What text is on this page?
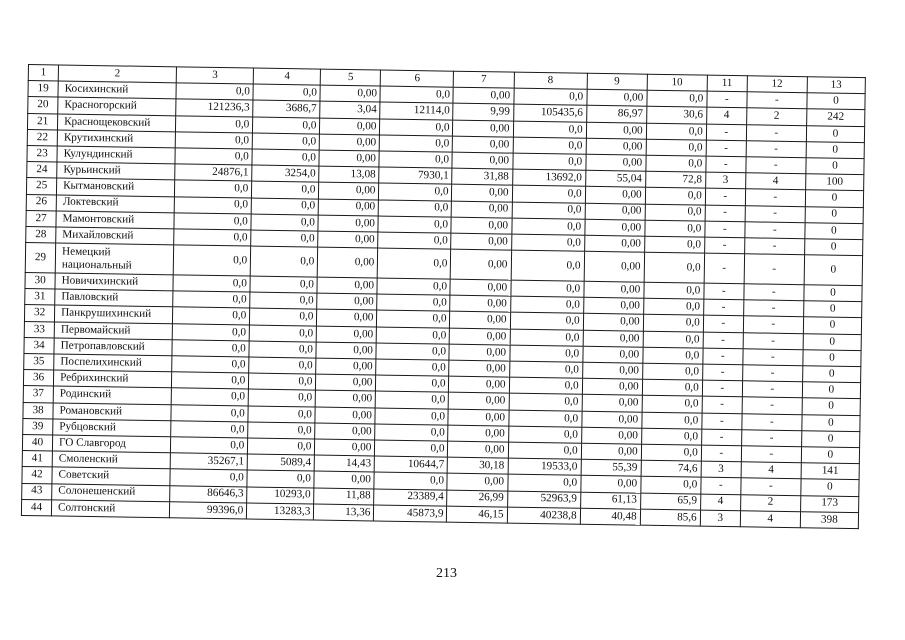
1	2	3	4	5	6	7	8	9	10	11	12	13
19	Косихинский	0,0	0,0	0,00	0,0	0,00	0,0	0,00	0,0	-	-	0
20	Красногорский	121236,3	3686,7	3,04	12114,0	9,99	105435,6	86,97	30,6	4	2	242
21	Краснощековский	0,0	0,0	0,00	0,0	0,00	0,0	0,00	0,0	-	-	0
22	Крутихинский	0,0	0,0	0,00	0,0	0,00	0,0	0,00	0,0	-	-	0
23	Кулундинский	0,0	0,0	0,00	0,0	0,00	0,0	0,00	0,0	-	-	0
24	Курьинский	24876,1	3254,0	13,08	7930,1	31,88	13692,0	55,04	72,8	3	4	100
25	Кытмановский	0,0	0,0	0,00	0,0	0,00	0,0	0,00	0,0	-	-	0
26	Локтевский	0,0	0,0	0,00	0,0	0,00	0,0	0,00	0,0	-	-	0
27	Мамонтовский	0,0	0,0	0,00	0,0	0,00	0,0	0,00	0,0	-	-	0
28	Михайловский	0,0	0,0	0,00	0,0	0,00	0,0	0,00	0,0	-	-	0
29	Немецкий национальный	0,0	0,0	0,00	0,0	0,00	0,0	0,00	0,0	-	-	0
30	Новичихинский	0,0	0,0	0,00	0,0	0,00	0,0	0,00	0,0	-	-	0
31	Павловский	0,0	0,0	0,00	0,0	0,00	0,0	0,00	0,0	-	-	0
32	Панкрушихинский	0,0	0,0	0,00	0,0	0,00	0,0	0,00	0,0	-	-	0
33	Первомайский	0,0	0,0	0,00	0,0	0,00	0,0	0,00	0,0	-	-	0
34	Петропавловский	0,0	0,0	0,00	0,0	0,00	0,0	0,00	0,0	-	-	0
35	Поспелихинский	0,0	0,0	0,00	0,0	0,00	0,0	0,00	0,0	-	-	0
36	Ребрихинский	0,0	0,0	0,00	0,0	0,00	0,0	0,00	0,0	-	-	0
37	Родинский	0,0	0,0	0,00	0,0	0,00	0,0	0,00	0,0	-	-	0
38	Романовский	0,0	0,0	0,00	0,0	0,00	0,0	0,00	0,0	-	-	0
39	Рубцовский	0,0	0,0	0,00	0,0	0,00	0,0	0,00	0,0	-	-	0
40	ГО Славгород	0,0	0,0	0,00	0,0	0,00	0,0	0,00	0,0	-	-	0
41	Смоленский	35267,1	5089,4	14,43	10644,7	30,18	19533,0	55,39	74,6	3	4	141
42	Советский	0,0	0,0	0,00	0,0	0,00	0,0	0,00	0,0	-	-	0
43	Солонешенский	86646,3	10293,0	11,88	23389,4	26,99	52963,9	61,13	65,9	4	2	173
44	Солтонский	99396,0	13283,3	13,36	45873,9	46,15	40238,8	40,48	85,6	3	4	398
213
